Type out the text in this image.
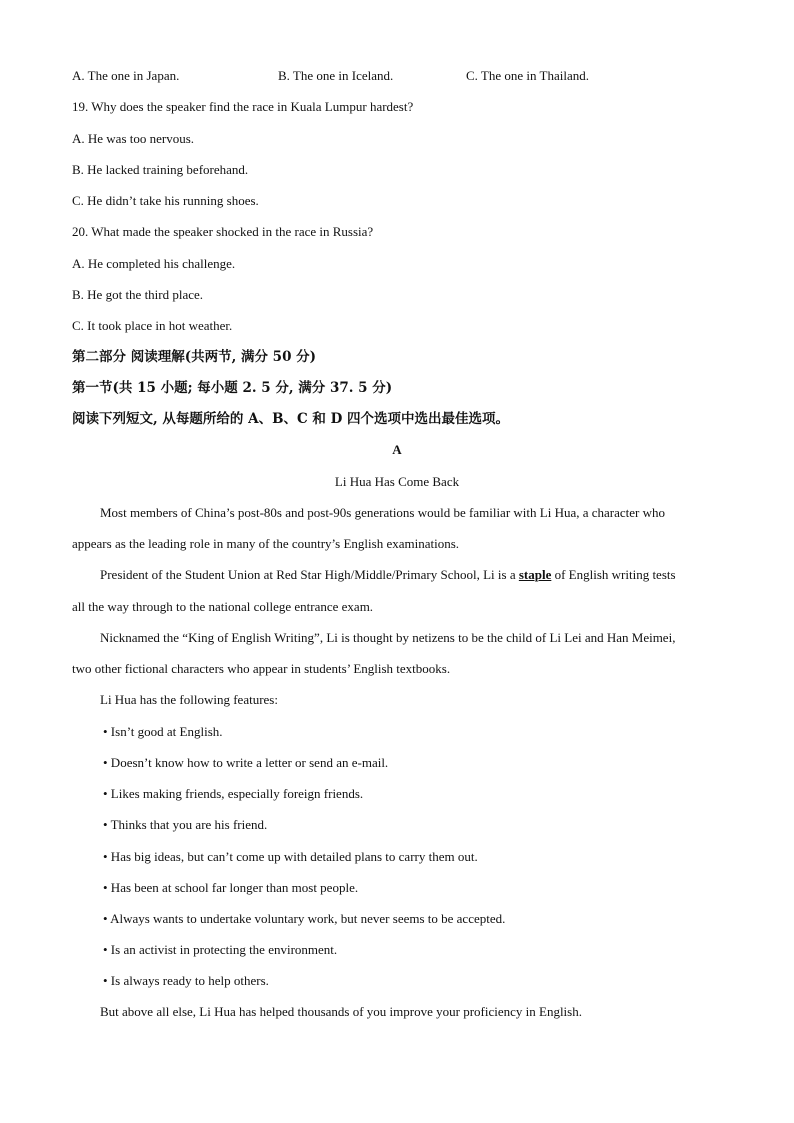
A. The one in Japan.	B. The one in Iceland.	C. The one in Thailand.
19. Why does the speaker find the race in Kuala Lumpur hardest?
A. He was too nervous.
B. He lacked training beforehand.
C. He didn’t take his running shoes.
20. What made the speaker shocked in the race in Russia?
A. He completed his challenge.
B. He got the third place.
C. It took place in hot weather.
第二部分 阅读理解(共两节, 满分 50 分)
第一节(共 15 小题; 每小题 2. 5 分, 满分 37. 5 分)
阅读下列短文, 从每题所给的 A、B、C 和 D 四个选项中选出最佳选项。
A
Li Hua Has Come Back
Most members of China’s post-80s and post-90s generations would be familiar with Li Hua, a character who
appears as the leading role in many of the country’s English examinations.
President of the Student Union at Red Star High/Middle/Primary School, Li is a staple of English writing tests
all the way through to the national college entrance exam.
Nicknamed the “King of English Writing”, Li is thought by netizens to be the child of Li Lei and Han Meimei,
two other fictional characters who appear in students’ English textbooks.
Li Hua has the following features:
• Isn’t good at English.
• Doesn’t know how to write a letter or send an e-mail.
• Likes making friends, especially foreign friends.
• Thinks that you are his friend.
• Has big ideas, but can’t come up with detailed plans to carry them out.
• Has been at school far longer than most people.
• Always wants to undertake voluntary work, but never seems to be accepted.
• Is an activist in protecting the environment.
• Is always ready to help others.
But above all else, Li Hua has helped thousands of you improve your proficiency in English.
